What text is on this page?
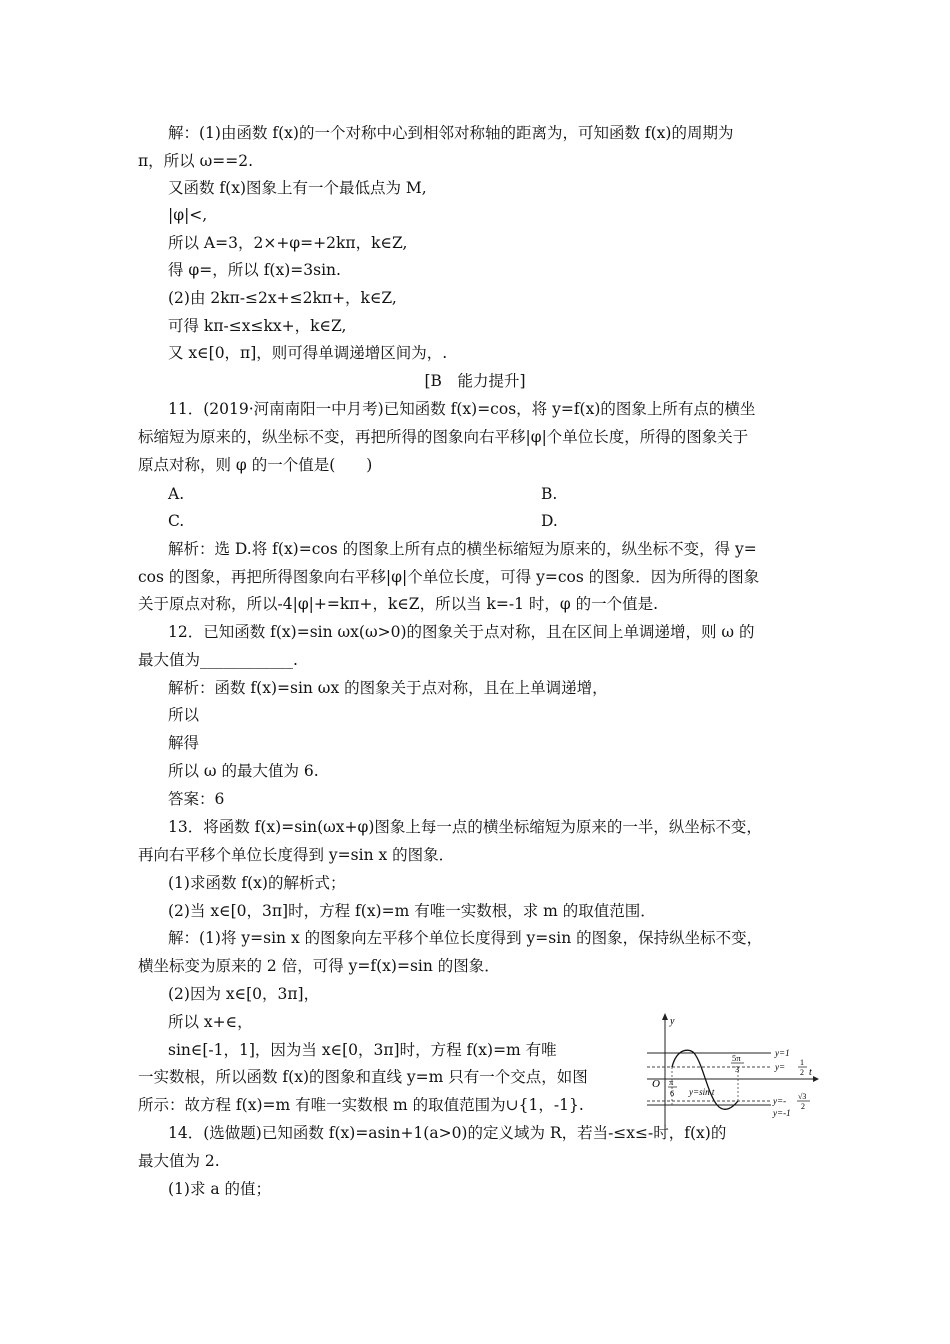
解：(1)由函数 f(x)的一个对称中心到相邻对称轴的距离为，可知函数 f(x)的周期为
π，所以 ω==2.
又函数 f(x)图象上有一个最低点为 M,
|φ|<,
所以 A=3，2×+φ=+2kπ，k∈Z,
得 φ=，所以 f(x)=3sin.
(2)由 2kπ-≤2x+≤2kπ+，k∈Z,
可得 kπ-≤x≤kx+，k∈Z,
又 x∈[0，π]，则可得单调递增区间为，.
[B　能力提升]
11．(2019·河南南阳一中月考)已知函数 f(x)=cos，将 y=f(x)的图象上所有点的横坐
标缩短为原来的，纵坐标不变，再把所得的图象向右平移|φ|个单位长度，所得的图象关于
原点对称，则 φ 的一个值是(　　)
A.	B.
C.	D.
解析：选 D.将 f(x)=cos 的图象上所有点的横坐标缩短为原来的，纵坐标不变，得 y=
cos 的图象，再把所得图象向右平移|φ|个单位长度，可得 y=cos 的图象．因为所得的图象
关于原点对称，所以-4|φ|+=kπ+，k∈Z，所以当 k=-1 时，φ 的一个值是.
12．已知函数 f(x)=sin ωx(ω>0)的图象关于点对称，且在区间上单调递增，则 ω 的
最大值为____________.
解析：函数 f(x)=sin ωx 的图象关于点对称，且在上单调递增，
所以
解得
所以 ω 的最大值为 6.
答案：6
13．将函数 f(x)=sin(ωx+φ)图象上每一点的横坐标缩短为原来的一半，纵坐标不变，
再向右平移个单位长度得到 y=sin x 的图象．
(1)求函数 f(x)的解析式；
(2)当 x∈[0，3π]时，方程 f(x)=m 有唯一实数根，求 m 的取值范围．
解：(1)将 y=sin x 的图象向左平移个单位长度得到 y=sin 的图象，保持纵坐标不变，
横坐标变为原来的 2 倍，可得 y=f(x)=sin 的图象．
(2)因为 x∈[0，3π]，
所以 x+∈，
sin∈[-1，1]，因为当 x∈[0，3π]时，方程 f(x)=m 有唯
一实数根，所以函数 f(x)的图象和直线 y=m 只有一个交点，如图
所示：故方程 f(x)=m 有唯一实数根 m 的取值范围为∪{1，-1}.
14．(选做题)已知函数 f(x)=asin+1(a>0)的定义域为 R，若当-≤x≤-时，f(x)的
最大值为 2.
(1)求 a 的值；
y
t
O π
6
5π
3
y=sin t
y=1
y= 1
2
y=- √3
2
y=-1
